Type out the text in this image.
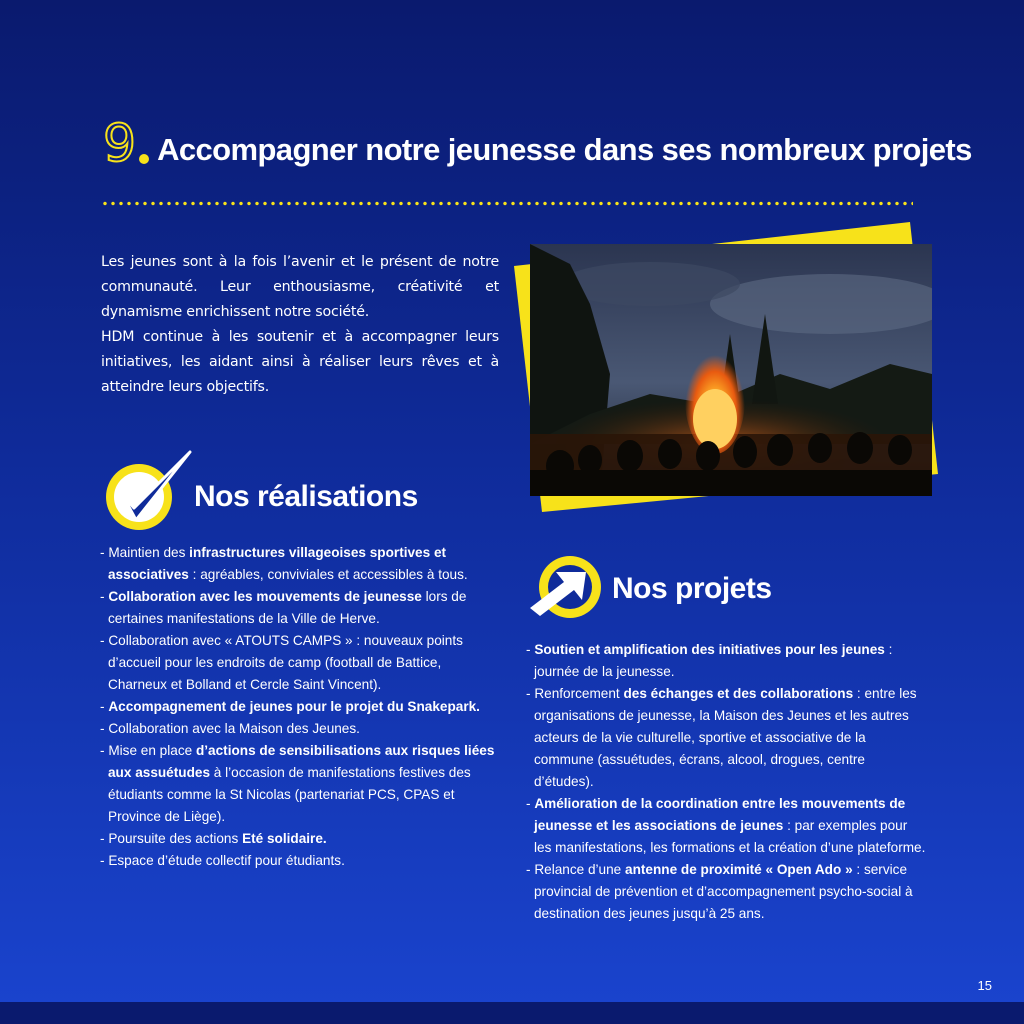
9 Accompagner notre jeunesse dans ses nombreux projets

Les jeunes sont à la fois l’avenir et le présent de notre communauté. Leur enthousiasme, créativité et dynamisme enrichissent notre société.

HDM continue à les soutenir et à accompagner leurs initiatives, les aidant ainsi à réaliser leurs rêves et à atteindre leurs objectifs.

Nos réalisations
- Maintien des infrastructures villageoises sportives et associatives : agréables, conviviales et accessibles à tous.
- Collaboration avec les mouvements de jeunesse lors de certaines manifestations de la Ville de Herve.
- Collaboration avec « ATOUTS CAMPS » : nouveaux points d’accueil pour les endroits de camp (football de Battice, Charneux et Bolland et Cercle Saint Vincent).
- Accompagnement de jeunes pour le projet du Snakepark.
- Collaboration avec la Maison des Jeunes.
- Mise en place d’actions de sensibilisations aux risques liées aux assuétudes à l’occasion de manifestations festives des étudiants comme la St Nicolas (partenariat PCS, CPAS et Province de Liège).
- Poursuite des actions Eté solidaire.
- Espace d’étude collectif pour étudiants.
Nos projets
- Soutien et amplification des initiatives pour les jeunes : journée de la jeunesse.
- Renforcement des échanges et des collaborations : entre les organisations de jeunesse, la Maison des Jeunes et les autres acteurs de la vie culturelle, sportive et associative de la commune (assuétudes, écrans, alcool, drogues, centre d’études).
- Amélioration de la coordination entre les mouvements de jeunesse et les associations de jeunes : par exemples pour les manifestations, les formations et la création d’une plateforme.
- Relance d’une antenne de proximité « Open Ado » : service provincial de prévention et d’accompagnement psycho-social à destination des jeunes jusqu’à 25 ans.
15
